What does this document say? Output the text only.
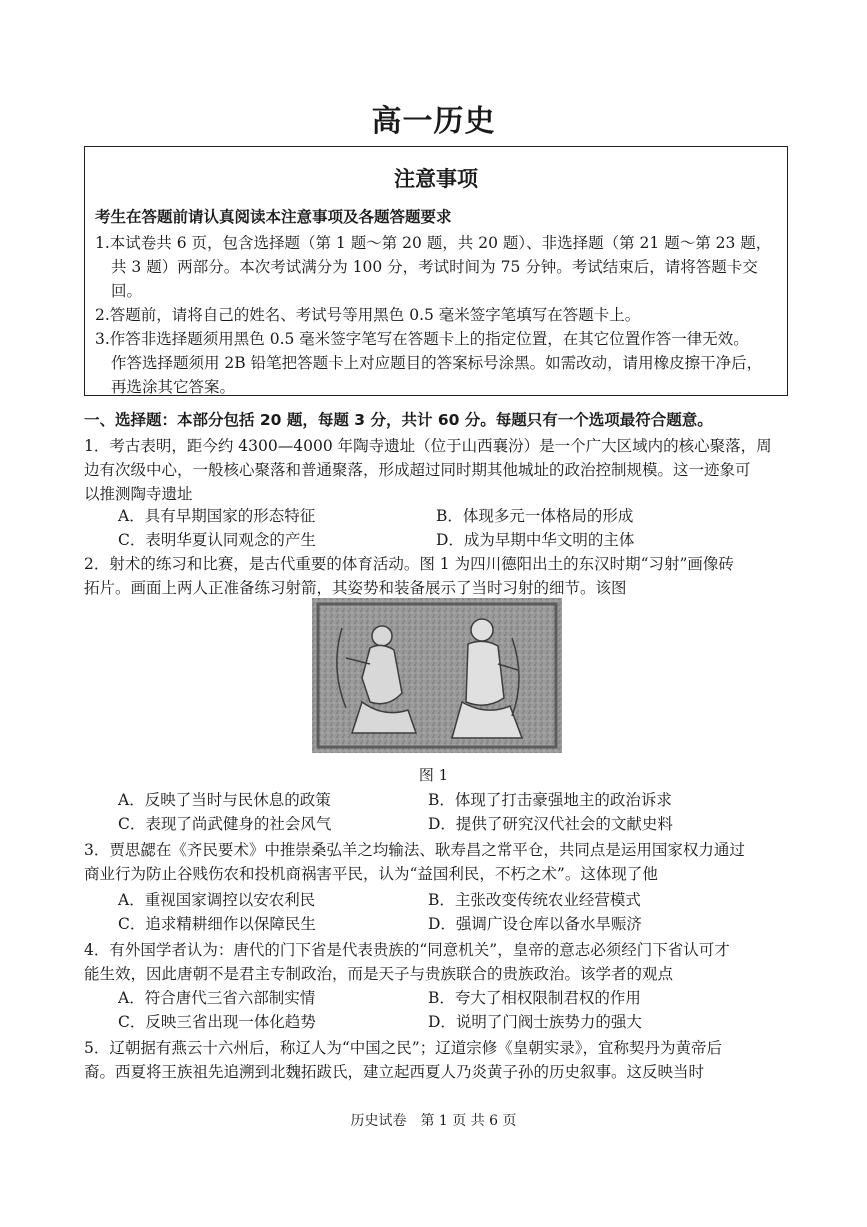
高一历史
注意事项
考生在答题前请认真阅读本注意事项及各题答题要求
1.本试卷共 6 页，包含选择题（第 1 题～第 20 题，共 20 题）、非选择题（第 21 题～第 23 题，
共 3 题）两部分。本次考试满分为 100 分，考试时间为 75 分钟。考试结束后，请将答题卡交
回。
2.答题前，请将自己的姓名、考试号等用黑色 0.5 毫米签字笔填写在答题卡上。
3.作答非选择题须用黑色 0.5 毫米签字笔写在答题卡上的指定位置，在其它位置作答一律无效。
作答选择题须用 2B 铅笔把答题卡上对应题目的答案标号涂黑。如需改动，请用橡皮擦干净后，
再选涂其它答案。
一、选择题：本部分包括 20 题，每题 3 分，共计 60 分。每题只有一个选项最符合题意。
1．考古表明，距今约 4300—4000 年陶寺遗址（位于山西襄汾）是一个广大区域内的核心聚落，周
边有次级中心，一般核心聚落和普通聚落，形成超过同时期其他城址的政治控制规模。这一迹象可
以推测陶寺遗址
A．具有早期国家的形态特征	B．体现多元一体格局的形成
C．表明华夏认同观念的产生	D．成为早期中华文明的主体
2．射术的练习和比赛，是古代重要的体育活动。图 1 为四川德阳出土的东汉时期“习射”画像砖
拓片。画面上两人正准备练习射箭，其姿势和装备展示了当时习射的细节。该图
图 1
A．反映了当时与民休息的政策	B．体现了打击豪强地主的政治诉求
C．表现了尚武健身的社会风气	D．提供了研究汉代社会的文献史料
3．贾思勰在《齐民要术》中推崇桑弘羊之均输法、耿寿昌之常平仓，共同点是运用国家权力通过
商业行为防止谷贱伤农和投机商祸害平民，认为“益国利民，不朽之术”。这体现了他
A．重视国家调控以安农利民	B．主张改变传统农业经营模式
C．追求精耕细作以保障民生	D．强调广设仓库以备水旱赈济
4．有外国学者认为：唐代的门下省是代表贵族的“同意机关”，皇帝的意志必须经门下省认可才
能生效，因此唐朝不是君主专制政治，而是天子与贵族联合的贵族政治。该学者的观点
A．符合唐代三省六部制实情	B．夸大了相权限制君权的作用
C．反映三省出现一体化趋势	D．说明了门阀士族势力的强大
5．辽朝据有燕云十六州后，称辽人为“中国之民”；辽道宗修《皇朝实录》，宜称契丹为黄帝后
裔。西夏将王族祖先追溯到北魏拓跋氏，建立起西夏人乃炎黄子孙的历史叙事。这反映当时
历史试卷　第 1 页 共 6 页
